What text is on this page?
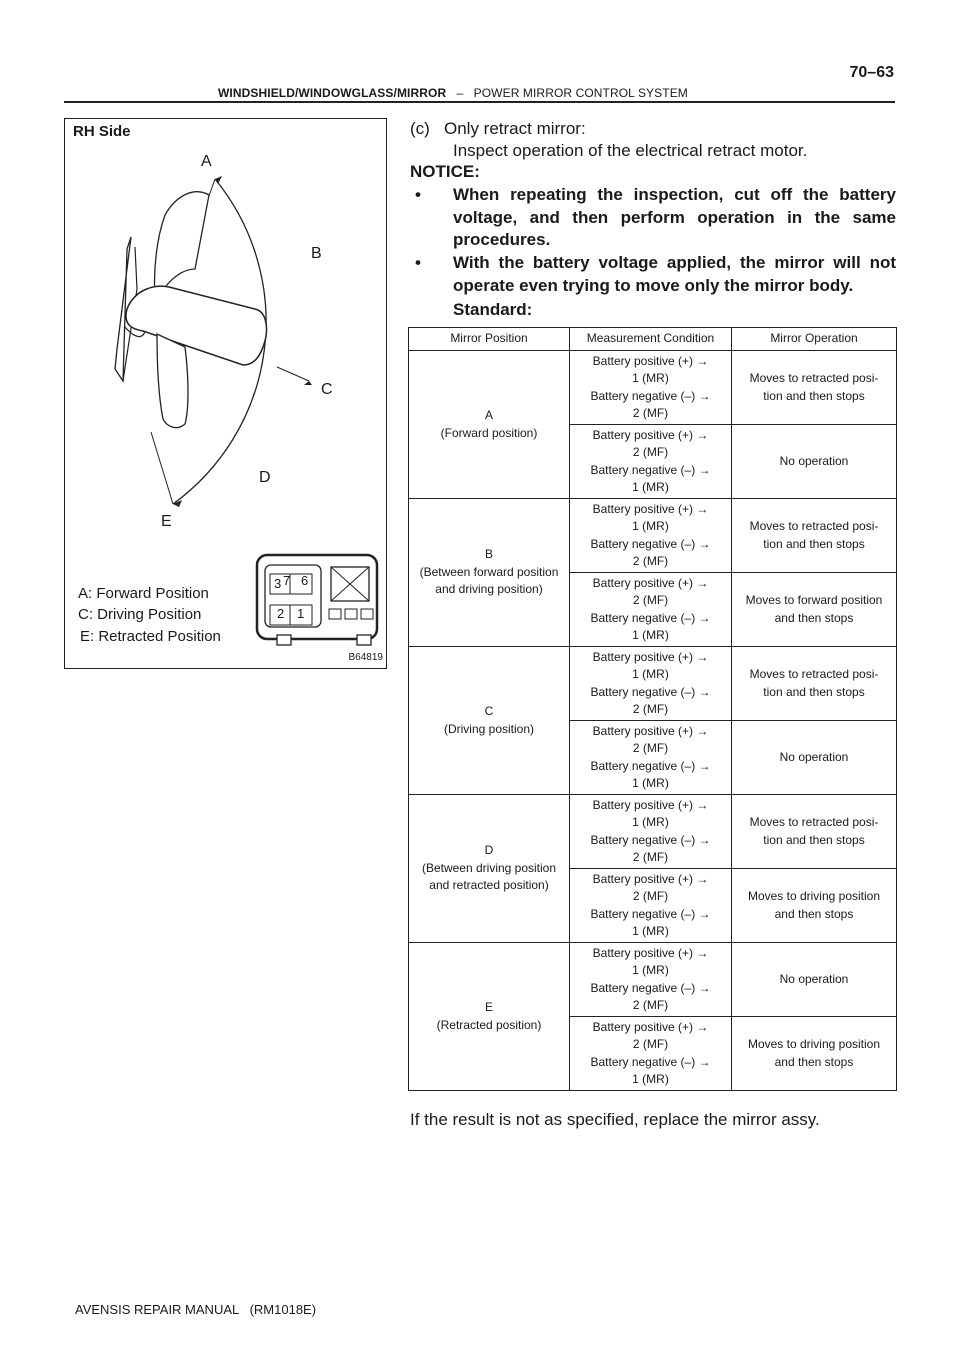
70–63
WINDSHIELD/WINDOWGLASS/MIRROR – POWER MIRROR CONTROL SYSTEM
RH Side
A
B
C
D
E
A: Forward Position
C: Driving Position
E: Retracted Position
3 7 6
2 1
B64819
(c)   Only retract mirror:
Inspect operation of the electrical retract motor.
NOTICE:
• When repeating the inspection, cut off the battery voltage, and then perform operation in the same procedures.
• With the battery voltage applied, the mirror will not operate even trying to move only the mirror body.
Standard:
Mirror Position	Measurement Condition	Mirror Operation

A
(Forward position)	Battery positive (+) →
1 (MR)
Battery negative (–) →
2 (MF)	Moves to retracted posi-
tion and then stops

	Battery positive (+) →
2 (MF)
Battery negative (–) →
1 (MR)	No operation

B
(Between forward position
and driving position)	Battery positive (+) →
1 (MR)
Battery negative (–) →
2 (MF)	Moves to retracted posi-
tion and then stops

	Battery positive (+) →
2 (MF)
Battery negative (–) →
1 (MR)	Moves to forward position
and then stops

C
(Driving position)	Battery positive (+) →
1 (MR)
Battery negative (–) →
2 (MF)	Moves to retracted posi-
tion and then stops

	Battery positive (+) →
2 (MF)
Battery negative (–) →
1 (MR)	No operation

D
(Between driving position
and retracted position)	Battery positive (+) →
1 (MR)
Battery negative (–) →
2 (MF)	Moves to retracted posi-
tion and then stops

	Battery positive (+) →
2 (MF)
Battery negative (–) →
1 (MR)	Moves to driving position
and then stops

E
(Retracted position)	Battery positive (+) →
1 (MR)
Battery negative (–) →
2 (MF)	No operation

	Battery positive (+) →
2 (MF)
Battery negative (–) →
1 (MR)	Moves to driving position
and then stops
If the result is not as specified, replace the mirror assy.
AVENSIS REPAIR MANUAL   (RM1018E)
